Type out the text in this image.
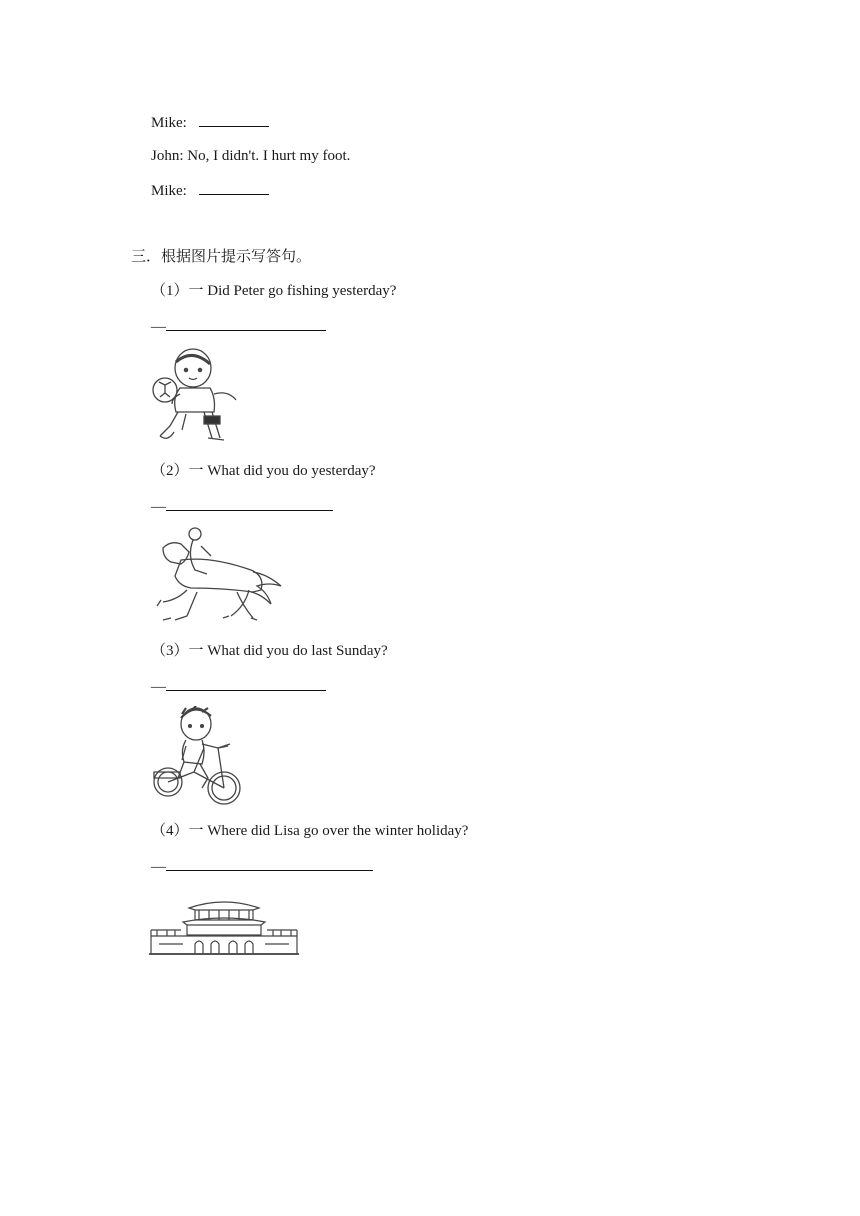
Mike:
John: No, I didn't. I hurt my foot.
Mike:
三．根据图片提示写答句。
（1）一 Did Peter go fishing yesterday?
—
（2）一 What did you do yesterday?
—
（3）一 What did you do last Sunday?
—
（4）一 Where did Lisa go over the winter holiday?
—
